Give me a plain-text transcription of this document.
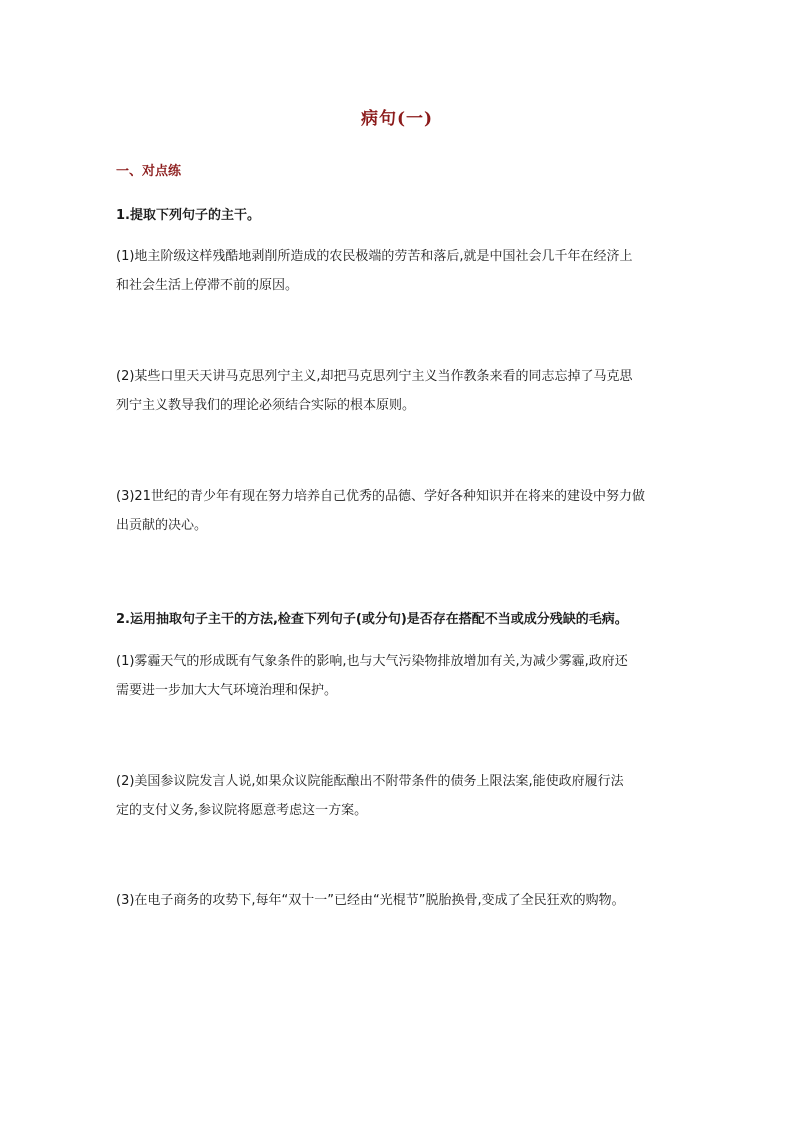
病句(一)
一、对点练
1.提取下列句子的主干。
(1)地主阶级这样残酷地剥削所造成的农民极端的劳苦和落后,就是中国社会几千年在经济上
和社会生活上停滞不前的原因。
(2)某些口里天天讲马克思列宁主义,却把马克思列宁主义当作教条来看的同志忘掉了马克思
列宁主义教导我们的理论必须结合实际的根本原则。
(3)21世纪的青少年有现在努力培养自己优秀的品德、学好各种知识并在将来的建设中努力做
出贡献的决心。
2.运用抽取句子主干的方法,检查下列句子(或分句)是否存在搭配不当或成分残缺的毛病。
(1)雾霾天气的形成既有气象条件的影响,也与大气污染物排放增加有关,为减少雾霾,政府还
需要进一步加大大气环境治理和保护。
(2)美国参议院发言人说,如果众议院能酝酿出不附带条件的债务上限法案,能使政府履行法
定的支付义务,参议院将愿意考虑这一方案。
(3)在电子商务的攻势下,每年“双十一”已经由“光棍节”脱胎换骨,变成了全民狂欢的购物。
